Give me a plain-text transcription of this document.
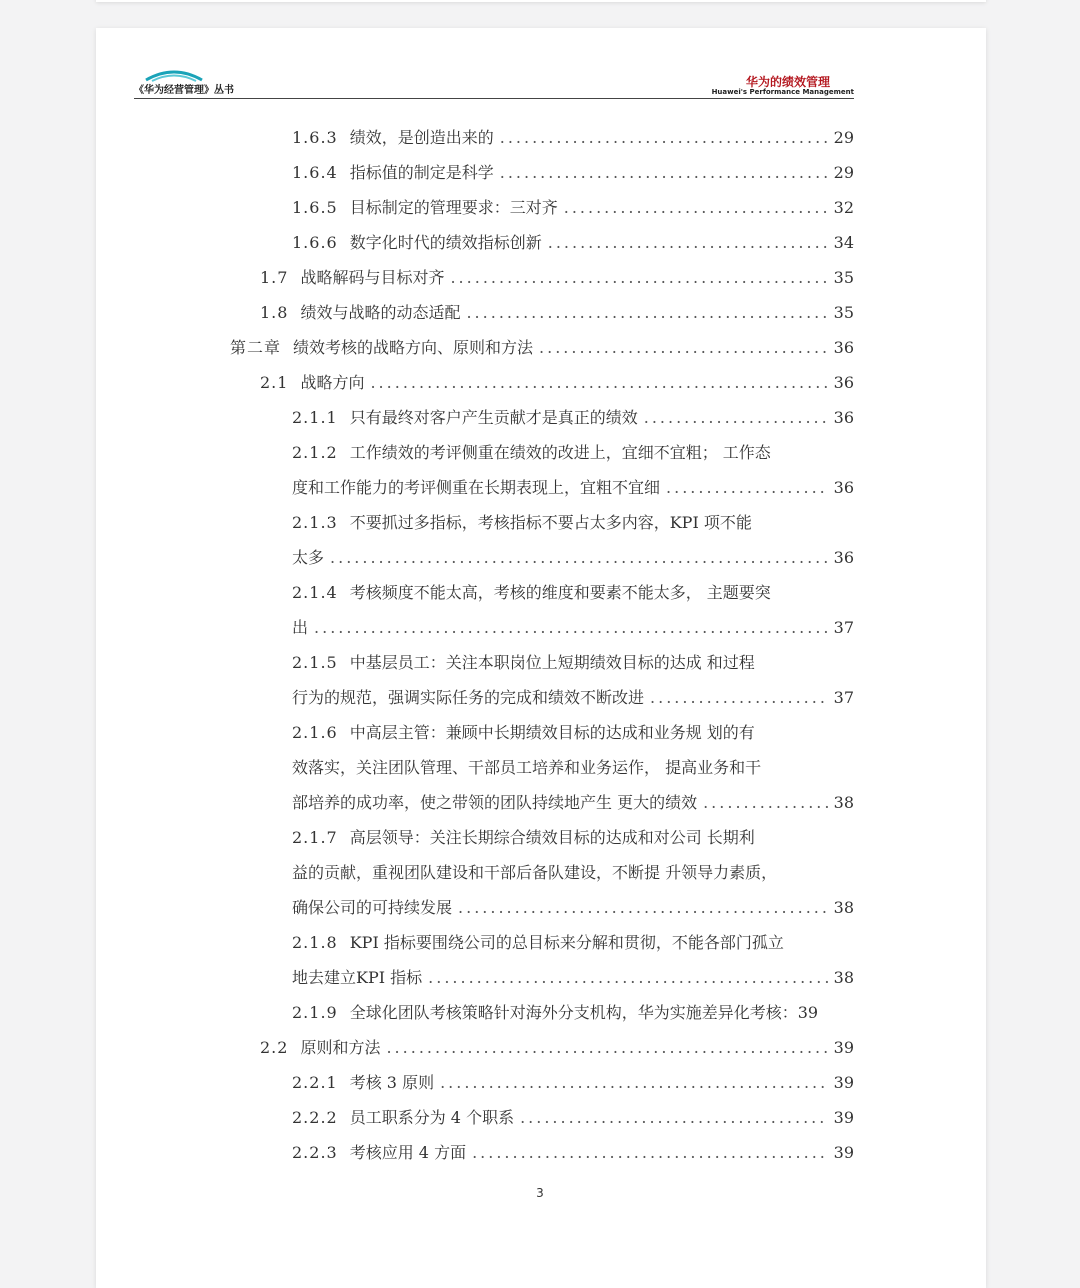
《华为经营管理》丛书
华为的绩效管理
Huawei's Performance Management
1.6.3 绩效，是创造出来的 .....	29
1.6.4 指标值的制定是科学 .....	29
1.6.5 目标制定的管理要求：三对齐 .....	32
1.6.6 数字化时代的绩效指标创新 .....	34
1.7 战略解码与目标对齐 .....	35
1.8 绩效与战略的动态适配 .....	35
第二章 绩效考核的战略方向、原则和方法 .....	36
2.1 战略方向 .....	36
2.1.1 只有最终对客户产生贡献才是真正的绩效 .....	36
2.1.2 工作绩效的考评侧重在绩效的改进上，宜细不宜粗； 工作态
度和工作能力的考评侧重在长期表现上，宜粗不宜细 .....	36
2.1.3 不要抓过多指标，考核指标不要占太多内容，KPI 项不能
太多 .....	36
2.1.4 考核频度不能太高，考核的维度和要素不能太多， 主题要突
出 .....	37
2.1.5 中基层员工：关注本职岗位上短期绩效目标的达成 和过程
行为的规范，强调实际任务的完成和绩效不断改进 .....	37
2.1.6 中高层主管：兼顾中长期绩效目标的达成和业务规 划的有
效落实，关注团队管理、干部员工培养和业务运作， 提高业务和干
部培养的成功率，使之带领的团队持续地产生 更大的绩效 .....	38
2.1.7 高层领导：关注长期综合绩效目标的达成和对公司 长期利
益的贡献，重视团队建设和干部后备队建设，不断提 升领导力素质，
确保公司的可持续发展 .....	38
2.1.8 KPI 指标要围绕公司的总目标来分解和贯彻，不能各部门孤立
地去建立KPI 指标 .....	38
2.1.9 全球化团队考核策略针对海外分支机构，华为实施差异化考核：39
2.2 原则和方法 .....	39
2.2.1 考核 3 原则 .....	39
2.2.2 员工职系分为 4 个职系 .....	39
2.2.3 考核应用 4 方面 .....	39
3
